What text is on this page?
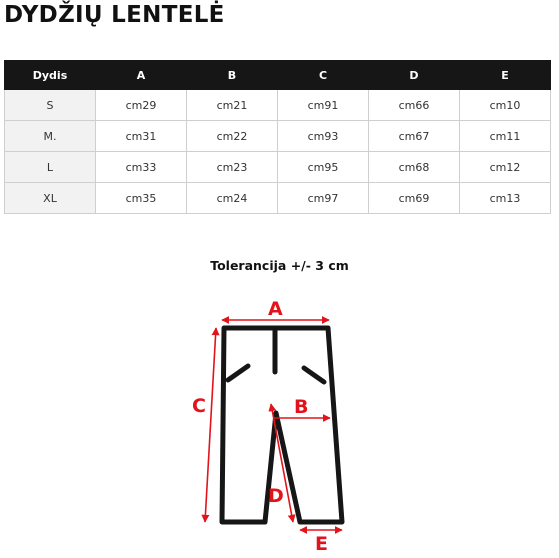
DYDŽIŲ LENTELĖ
Dydis	A	B	C	D	E
S	cm29	cm21	cm91	cm66	cm10
M.	cm31	cm22	cm93	cm67	cm11
L	cm33	cm23	cm95	cm68	cm12
XL	cm35	cm24	cm97	cm69	cm13
Tolerancija +/- 3 cm
A
B
C
D
E
